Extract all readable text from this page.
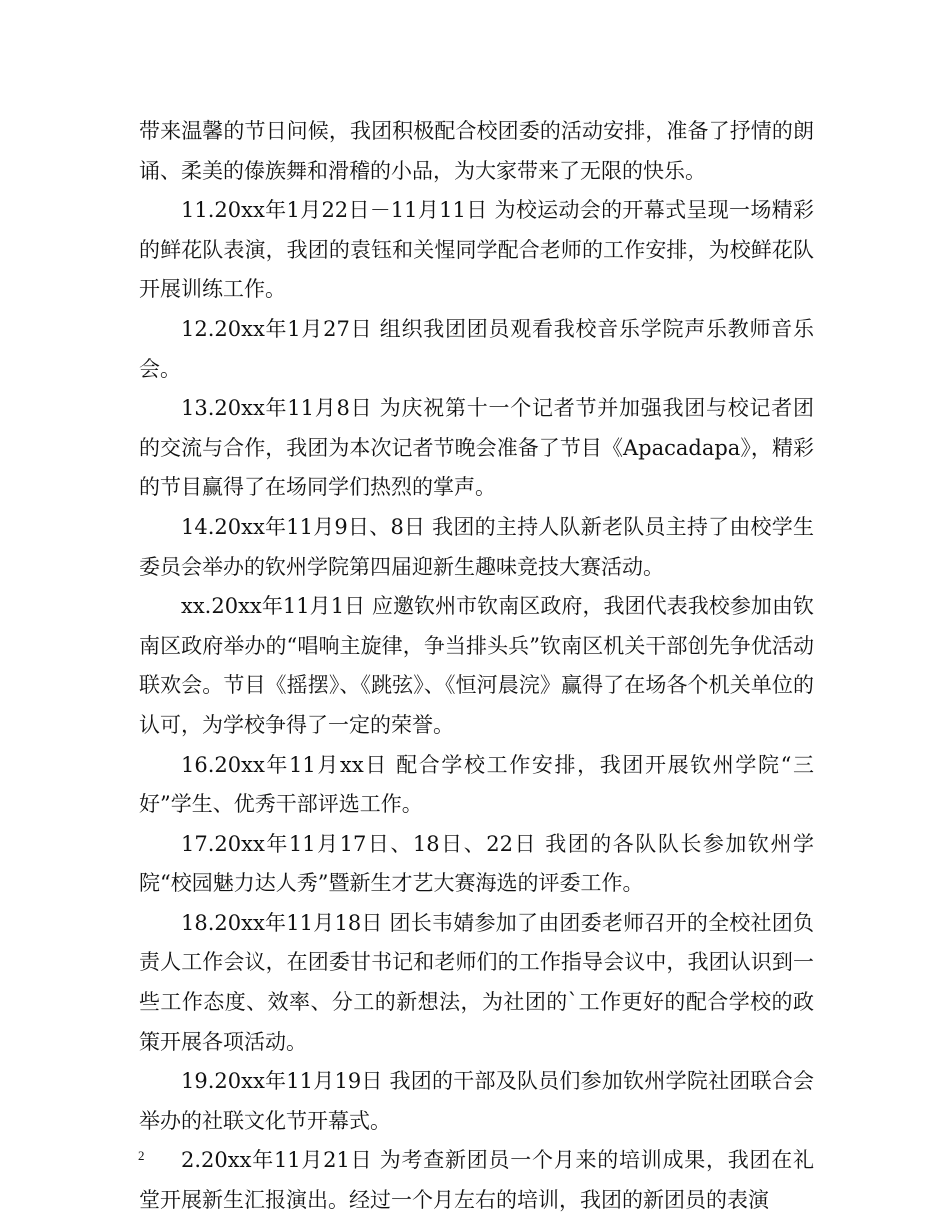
带来温馨的节日问候，我团积极配合校团委的活动安排，准备了抒情的朗诵、柔美的傣族舞和滑稽的小品，为大家带来了无限的快乐。

11.20xx年1月22日－11月11日 为校运动会的开幕式呈现一场精彩的鲜花队表演，我团的袁钰和关惺同学配合老师的工作安排，为校鲜花队开展训练工作。

12.20xx年1月27日 组织我团团员观看我校音乐学院声乐教师音乐会。

13.20xx年11月8日 为庆祝第十一个记者节并加强我团与校记者团的交流与合作，我团为本次记者节晚会准备了节目《Apacadapa》，精彩的节目赢得了在场同学们热烈的掌声。

14.20xx年11月9日、8日 我团的主持人队新老队员主持了由校学生委员会举办的钦州学院第四届迎新生趣味竞技大赛活动。

xx.20xx年11月1日 应邀钦州市钦南区政府，我团代表我校参加由钦南区政府举办的“唱响主旋律，争当排头兵”钦南区机关干部创先争优活动联欢会。节目《摇摆》、《跳弦》、《恒河晨浣》赢得了在场各个机关单位的认可，为学校争得了一定的荣誉。

16.20xx年11月xx日 配合学校工作安排，我团开展钦州学院“三好”学生、优秀干部评选工作。

17.20xx年11月17日、18日、22日 我团的各队队长参加钦州学院“校园魅力达人秀”暨新生才艺大赛海选的评委工作。

18.20xx年11月18日 团长韦婧参加了由团委老师召开的全校社团负责人工作会议，在团委甘书记和老师们的工作指导会议中，我团认识到一些工作态度、效率、分工的新想法，为社团的`工作更好的配合学校的政策开展各项活动。

19.20xx年11月19日 我团的干部及队员们参加钦州学院社团联合会举办的社联文化节开幕式。

2.20xx年11月21日 为考查新团员一个月来的培训成果，我团在礼堂开展新生汇报演出。经过一个月左右的培训，我团的新团员的表演

2
